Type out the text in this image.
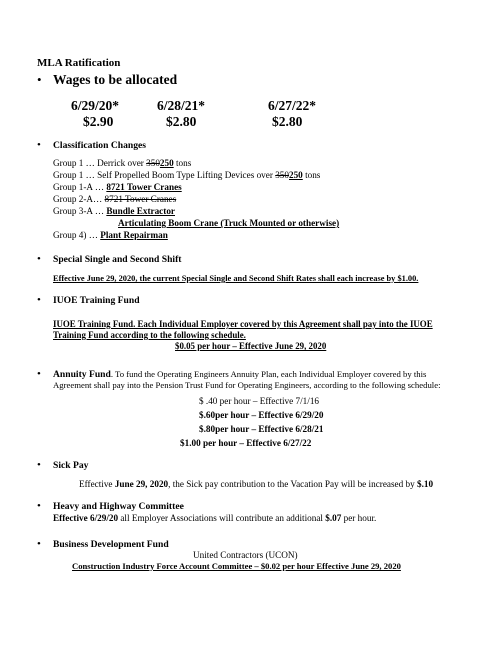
MLA Ratification
•
Wages to be allocated
6/29/20*	6/28/21*	6/27/22*
$2.90	$2.80	$2.80
•
Classification Changes
Group 1 … Derrick over 350250 tons
Group 1 … Self Propelled Boom Type Lifting Devices over 350250 tons
Group 1-A … 8721 Tower Cranes
Group 2-A… 8721 Tower Cranes
Group 3-A … Bundle Extractor
Articulating Boom Crane (Truck Mounted or otherwise)
Group 4) … Plant Repairman
•
Special Single and Second Shift
Effective June 29, 2020, the current Special Single and Second Shift Rates shall each increase by $1.00.
•
IUOE Training Fund
IUOE Training Fund. Each Individual Employer covered by this Agreement shall pay into the IUOE
Training Fund according to the following schedule.
$0.05 per hour – Effective June 29, 2020
•
Annuity Fund. To fund the Operating Engineers Annuity Plan, each Individual Employer covered by this
Agreement shall pay into the Pension Trust Fund for Operating Engineers, according to the following schedule:
$ .40 per hour – Effective 7/1/16
$.60per hour – Effective 6/29/20
$.80per hour – Effective 6/28/21
$1.00 per hour – Effective 6/27/22
•
Sick Pay
Effective June 29, 2020, the Sick pay contribution to the Vacation Pay will be increased by $.10
•
Heavy and Highway Committee
Effective 6/29/20 all Employer Associations will contribute an additional $.07 per hour.
•
Business Development Fund
United Contractors (UCON)
Construction Industry Force Account Committee – $0.02 per hour Effective June 29, 2020
